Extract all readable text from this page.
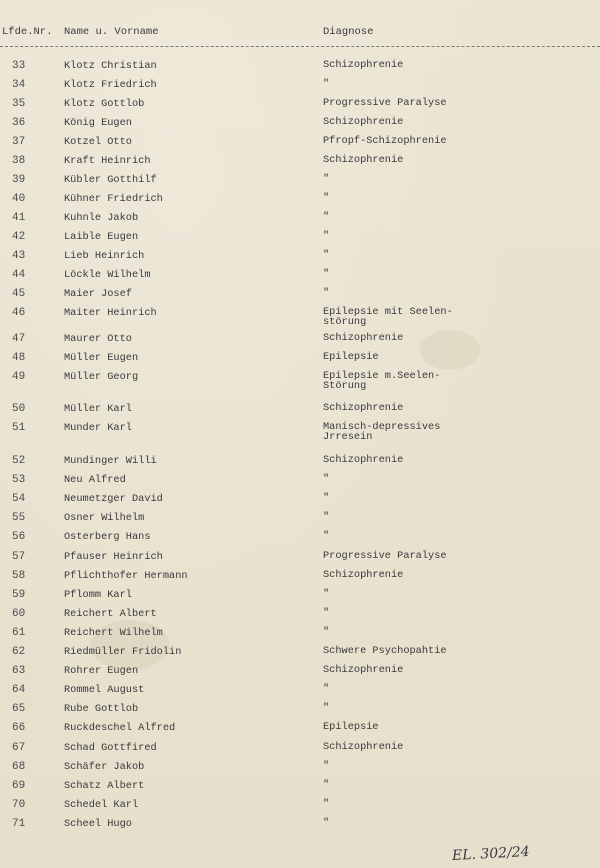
Lfde.Nr. Name u. Vorname	Diagnose
33	Klotz Christian	Schizophrenie
34	Klotz Friedrich	"
35	Klotz Gottlob	Progressive Paralyse
36	König Eugen	Schizophrenie
37	Kotzel Otto	Pfropf-Schizophrenie
38	Kraft Heinrich	Schizophrenie
39	Kübler Gotthilf	"
40	Kühner Friedrich	"
41	Kuhnle Jakob	"
42	Laible Eugen	"
43	Lieb Heinrich	"
44	Löckle Wilhelm	"
45	Maier Josef	"
46	Maiter Heinrich	Epilepsie mit Seelen-
störung
47	Maurer Otto	Schizophrenie
48	Müller Eugen	Epilepsie
49	Müller Georg	Epilepsie m.Seelen-
Störung
50	Müller Karl	Schizophrenie
51	Munder Karl	Manisch-depressives
Jrresein
52	Mundinger Willi	Schizophrenie
53	Neu Alfred	"
54	Neumetzger David	"
55	Osner Wilhelm	"
56	Osterberg Hans	"
57	Pfauser Heinrich	Progressive Paralyse
58	Pflichthofer Hermann	Schizophrenie
59	Pflomm Karl	"
60	Reichert Albert	"
61	Reichert Wilhelm	"
62	Riedmüller Fridolin	Schwere Psychopahtie
63	Rohrer Eugen	Schizophrenie
64	Rommel August	"
65	Rube Gottlob	"
66	Ruckdeschel Alfred	Epilepsie
67	Schad Gottfired	Schizophrenie
68	Schäfer Jakob	"
69	Schatz Albert	"
70	Schedel Karl	"
71	Scheel Hugo	"
EL. 302/24
